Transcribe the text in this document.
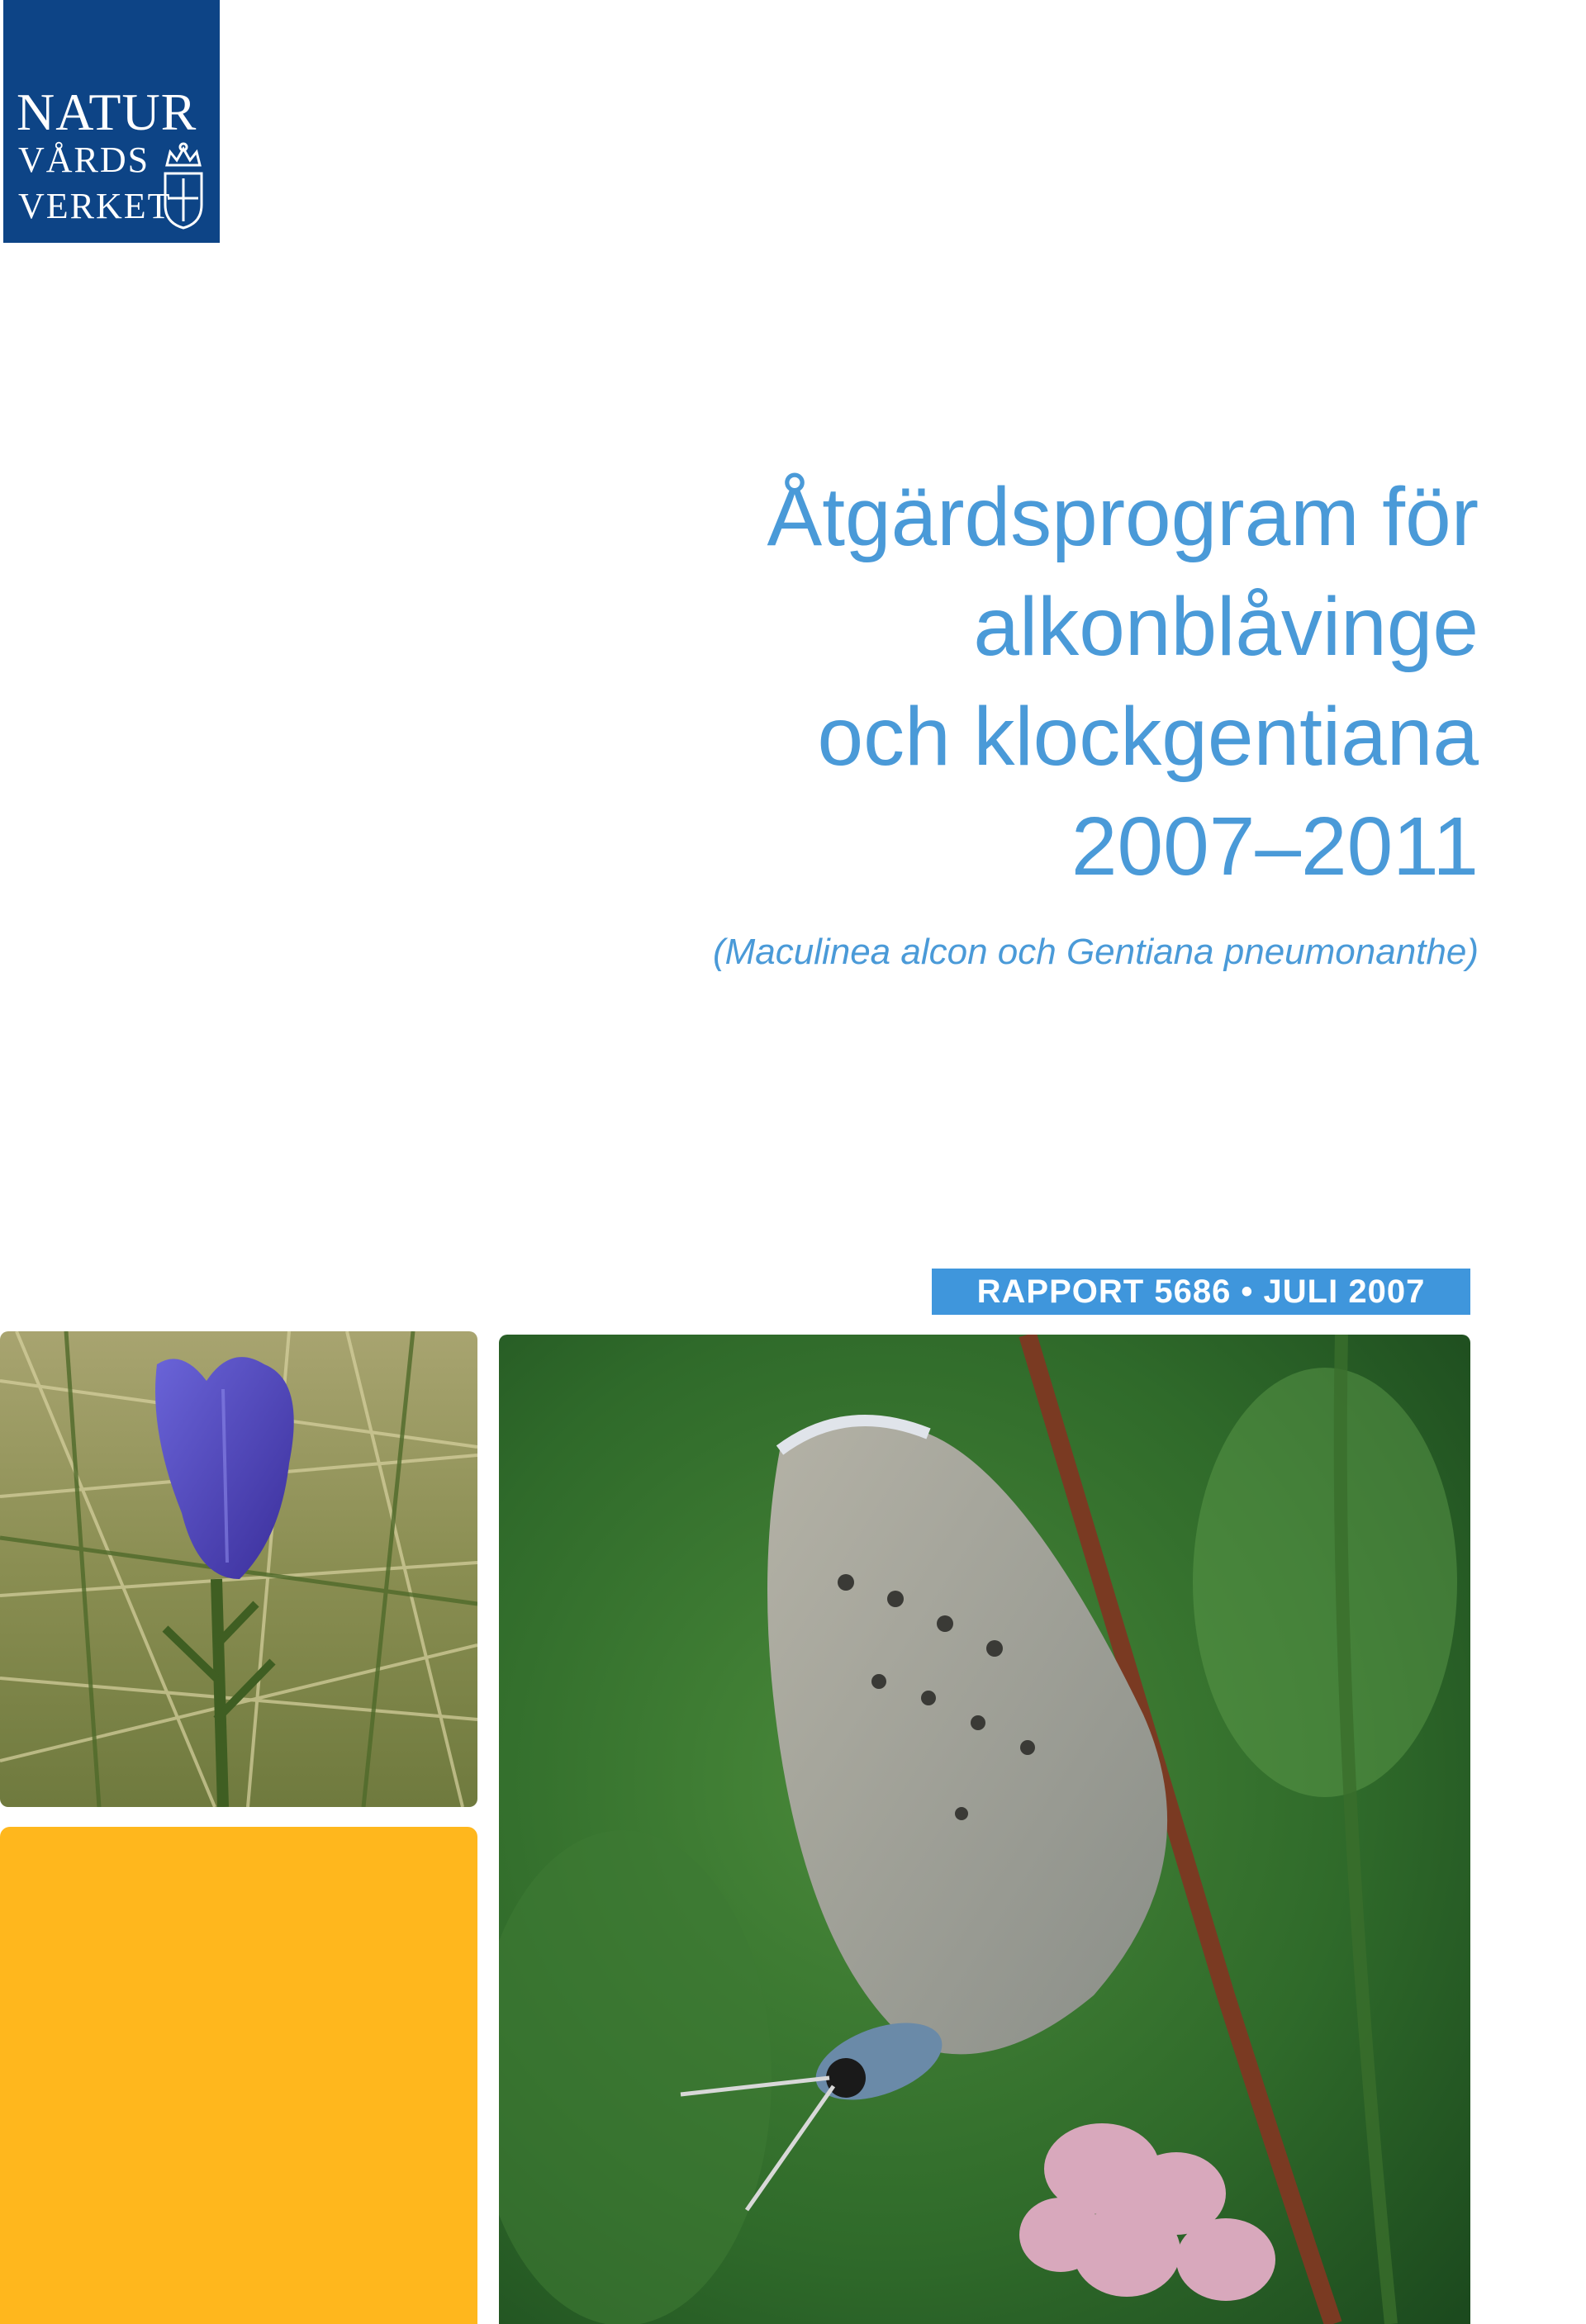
NATUR
VÅRDS
VERKET
Åtgärdsprogram för
alkonblåvinge
och klockgentiana
2007–2011
(Maculinea alcon och Gentiana pneumonanthe)
RAPPORT 5686 • JULI 2007
